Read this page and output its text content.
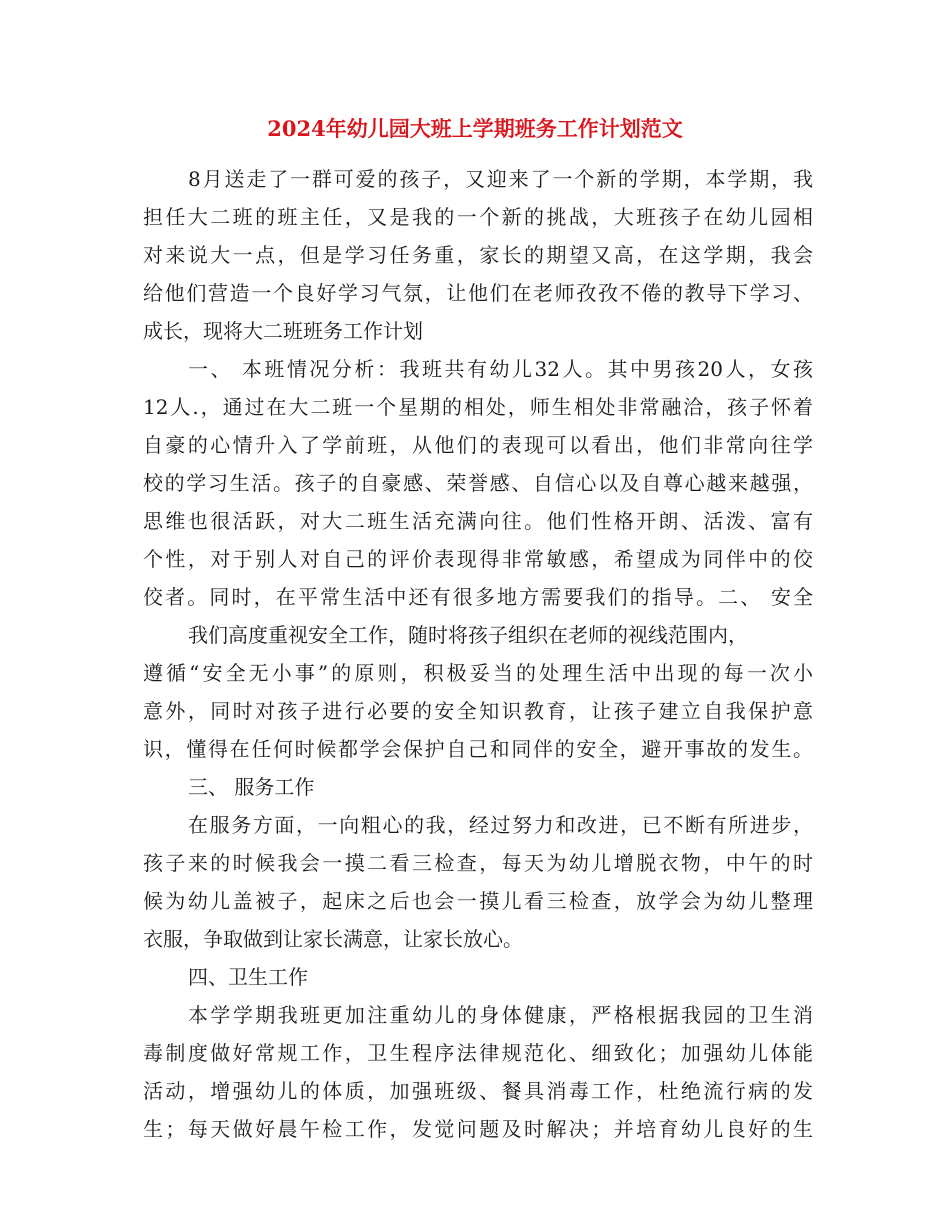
2024年幼儿园大班上学期班务工作计划范文
8月送走了一群可爱的孩子，又迎来了一个新的学期，本学期，我
担任大二班的班主任，又是我的一个新的挑战，大班孩子在幼儿园相
对来说大一点，但是学习任务重，家长的期望又高，在这学期，我会
给他们营造一个良好学习气氛，让他们在老师孜孜不倦的教导下学习、
成长，现将大二班班务工作计划
一、 本班情况分析：我班共有幼儿32人。其中男孩20人，女孩
12人.，通过在大二班一个星期的相处，师生相处非常融洽，孩子怀着
自豪的心情升入了学前班，从他们的表现可以看出，他们非常向往学
校的学习生活。孩子的自豪感、荣誉感、自信心以及自尊心越来越强，
思维也很活跃，对大二班生活充满向往。他们性格开朗、活泼、富有
个性，对于别人对自己的评价表现得非常敏感，希望成为同伴中的佼
佼者。同时，在平常生活中还有很多地方需要我们的指导。二、 安全
我们高度重视安全工作，随时将孩子组织在老师的视线范围内，
遵循“安全无小事”的原则，积极妥当的处理生活中出现的每一次小
意外，同时对孩子进行必要的安全知识教育，让孩子建立自我保护意
识，懂得在任何时候都学会保护自己和同伴的安全，避开事故的发生。
三、 服务工作
在服务方面，一向粗心的我，经过努力和改进，已不断有所进步，
孩子来的时候我会一摸二看三检查，每天为幼儿增脱衣物，中午的时
候为幼儿盖被子，起床之后也会一摸儿看三检查，放学会为幼儿整理
衣服，争取做到让家长满意，让家长放心。
四、卫生工作
本学学期我班更加注重幼儿的身体健康，严格根据我园的卫生消
毒制度做好常规工作，卫生程序法律规范化、细致化；加强幼儿体能
活动，增强幼儿的体质，加强班级、餐具消毒工作，杜绝流行病的发
生；每天做好晨午检工作，发觉问题及时解决；并培育幼儿良好的生
